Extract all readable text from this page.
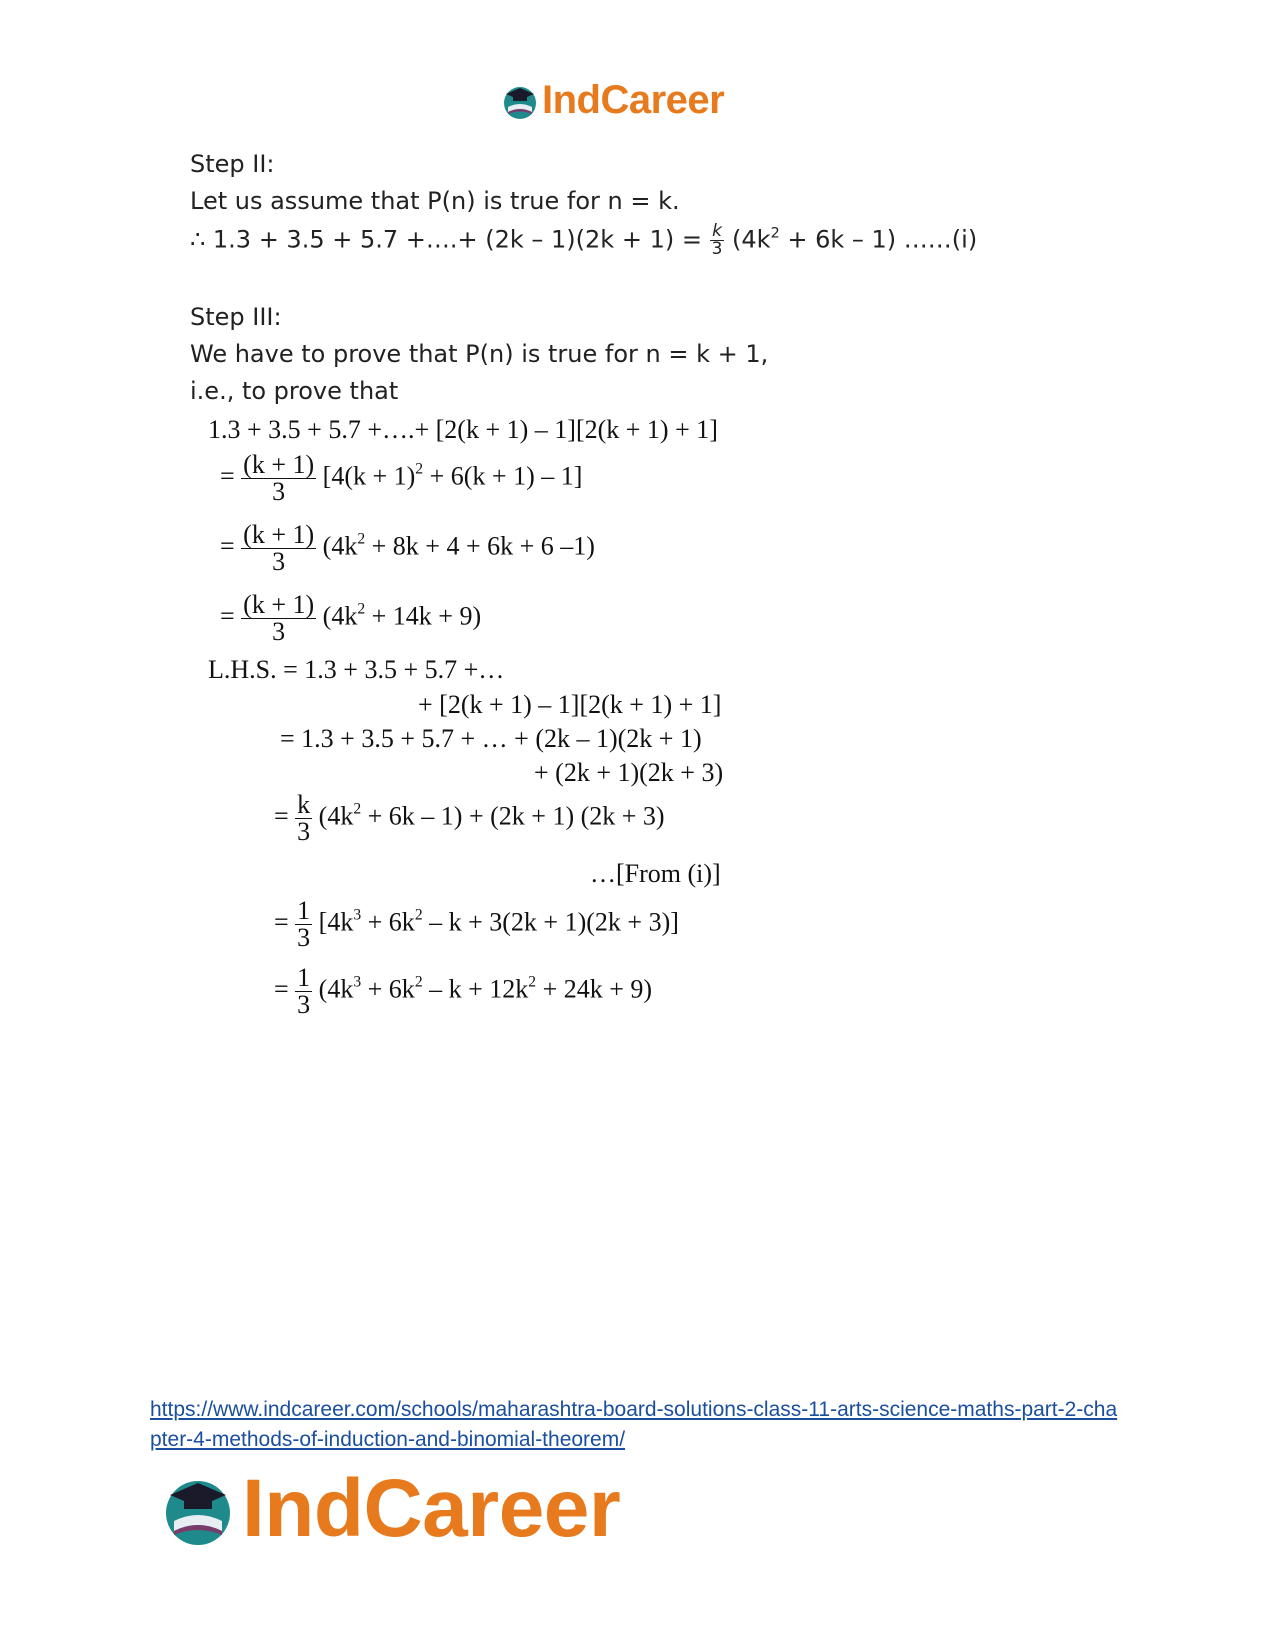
IndCareer
Step II:
Let us assume that P(n) is true for n = k.
∴ 1.3 + 3.5 + 5.7 +….+ $(2k - 1)(2k + 1) = \frac{k}{3} (4k^2 + 6k - 1)$ ……(i)
Step III:
We have to prove that P(n) is true for n = k + 1,
i.e., to prove that
1.3 + 3.5 + 5.7 +….+ [2(k + 1) – 1][2(k + 1) + 1]
= $\frac{(k + 1)}{3} [4(k + 1)^2 + 6(k + 1) - 1]$
= $\frac{(k + 1)}{3} (4k^2 + 8k + 4 + 6k + 6$ –1)
= $\frac{(k + 1)}{3} (4k^2 + 14k + 9)$
L.H.S. = 1.3 + 3.5 + 5.7 +…
+ [2(k + 1) – 1][2(k + 1) + 1]
= 1.3 + 3.5 + 5.7 + … + (2k – 1)(2k + 1)
+ (2k + 1)(2k + 3)
= $\frac{k}{3} (4k^2 + 6k - 1) + (2k + 1) (2k + 3)$
…[From (i)]
= $\frac{1}{3} [4k^3 + 6k^2 - k + 3(2k + 1)(2k + 3)]$
= $\frac{1}{3} (4k^3 + 6k^2 - k + 12k^2 + 24k + 9)$
https://www.indcareer.com/schools/maharashtra-board-solutions-class-11-arts-science-maths-part-2-chapter-4-methods-of-induction-and-binomial-theorem/
IndCareer
